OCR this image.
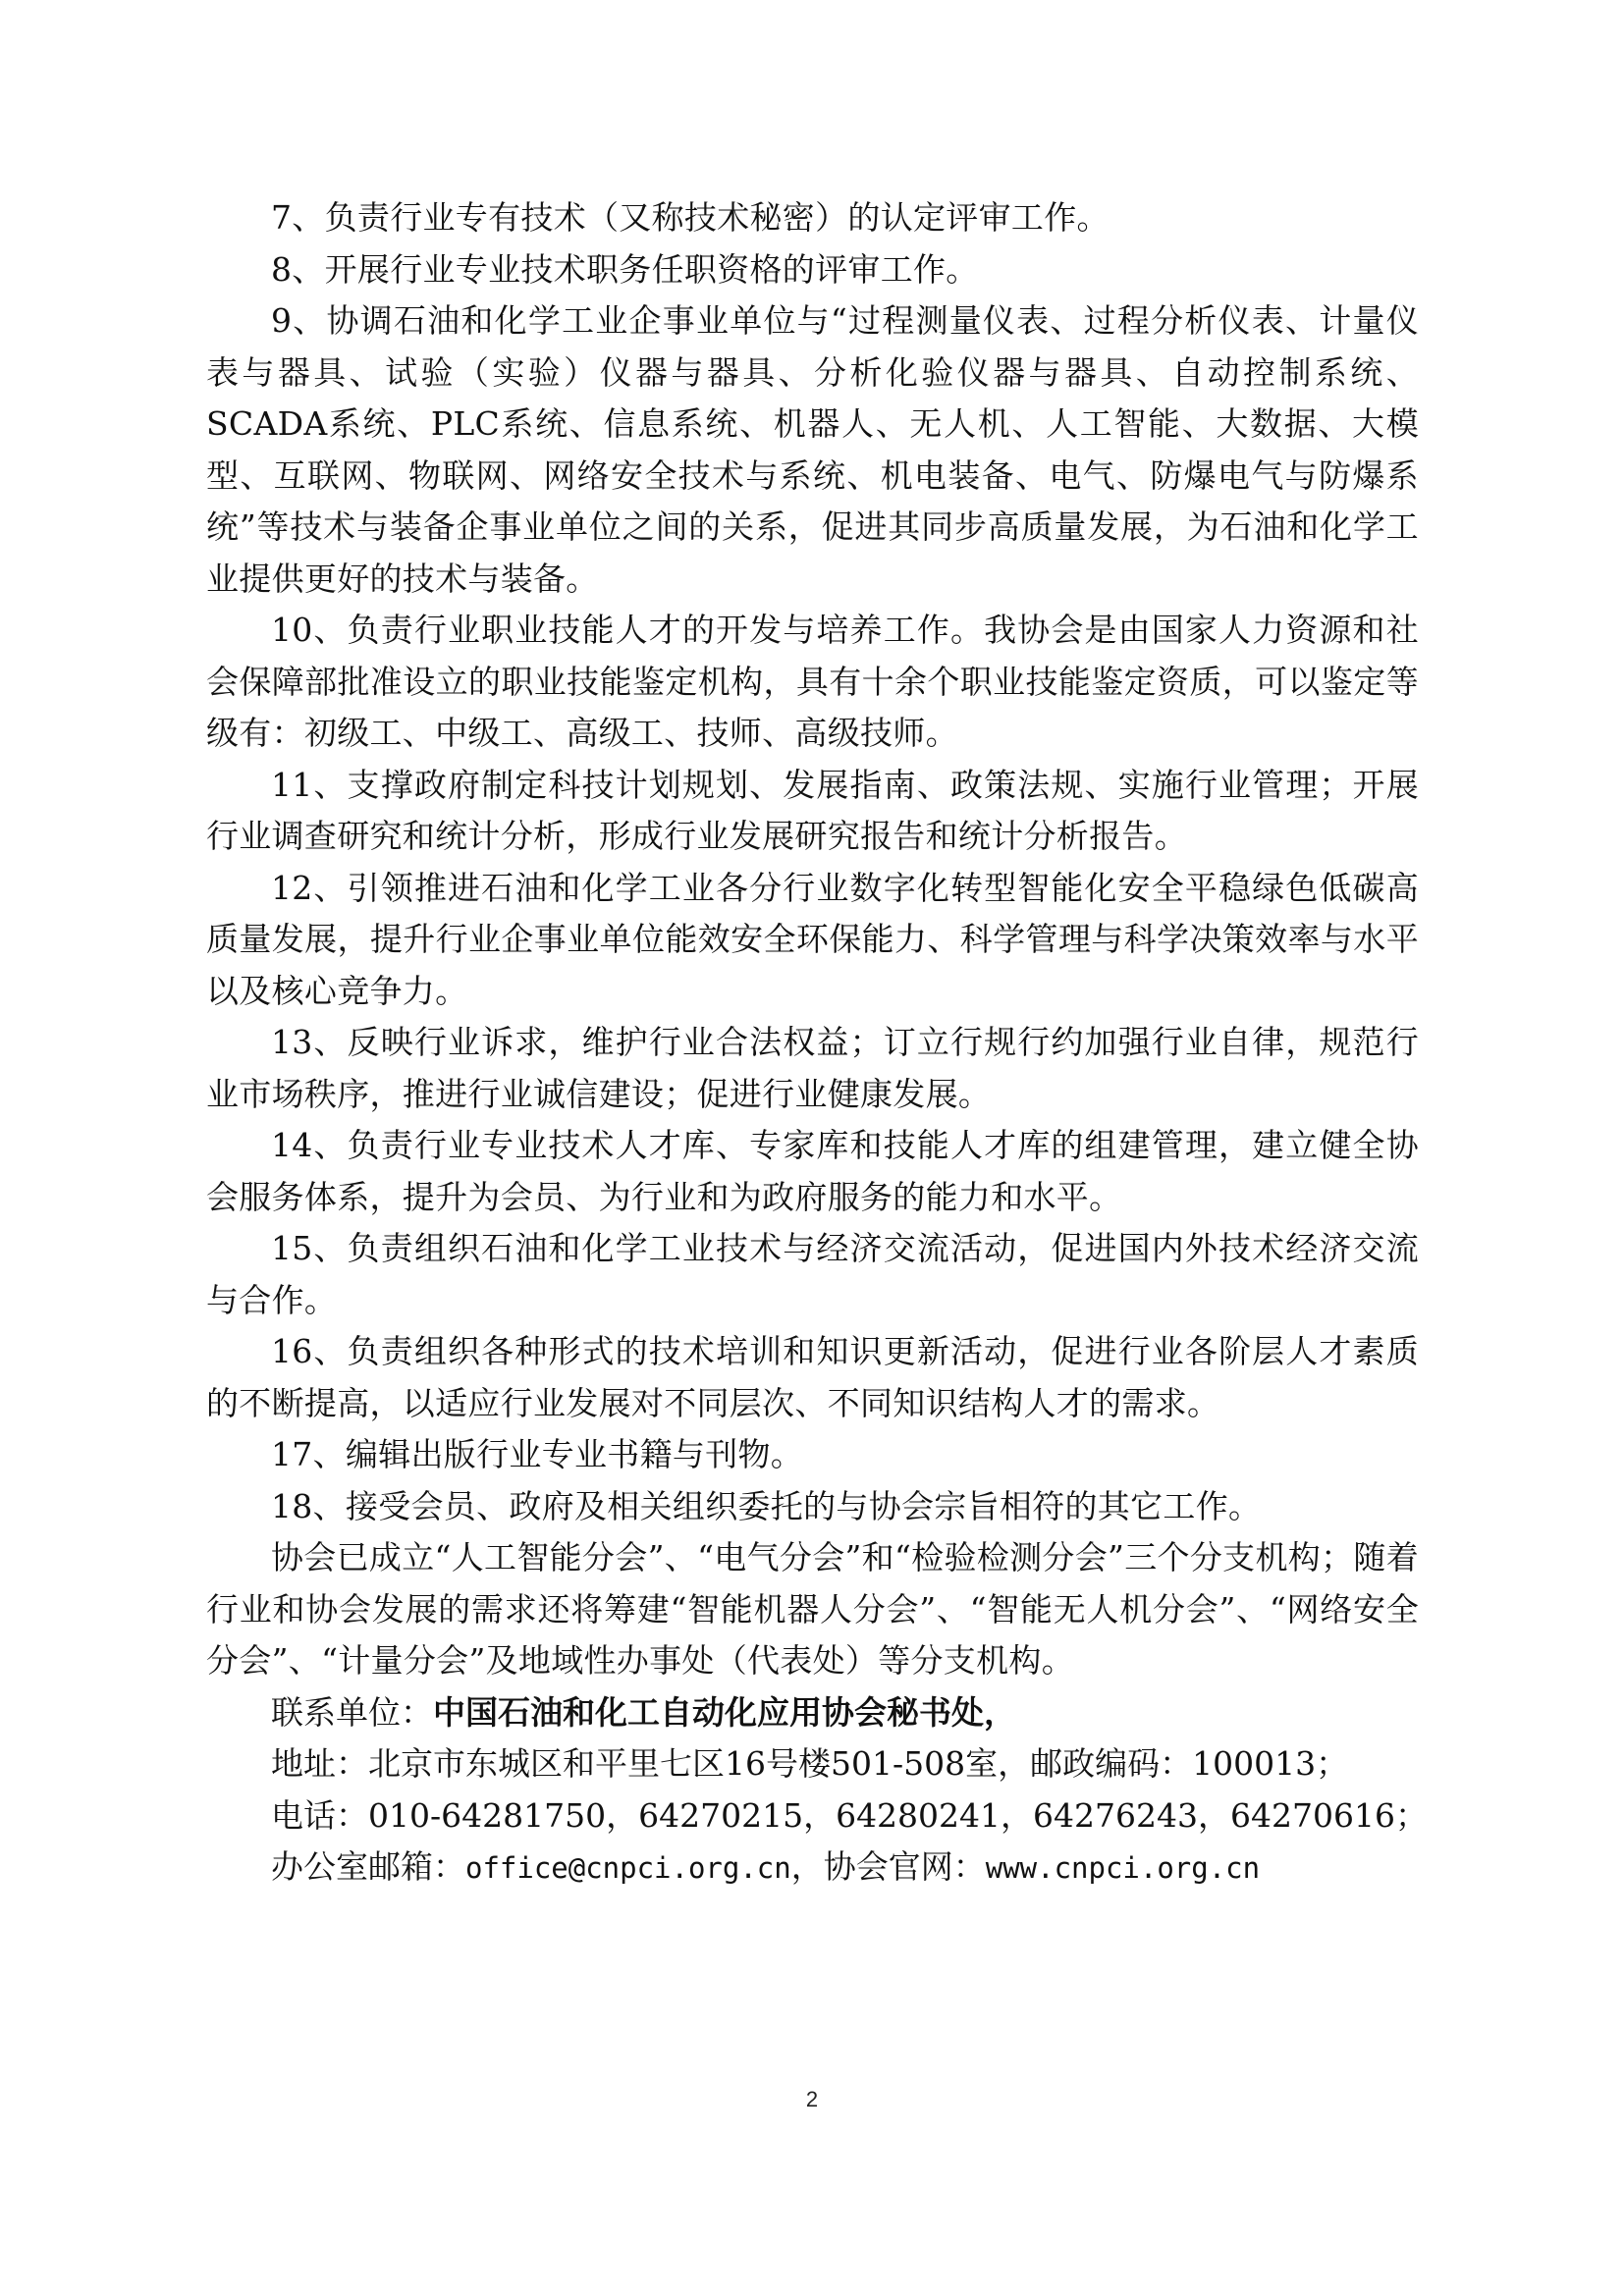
7、负责行业专有技术（又称技术秘密）的认定评审工作。

8、开展行业专业技术职务任职资格的评审工作。

9、协调石油和化学工业企事业单位与“过程测量仪表、过程分析仪表、计量仪表与器具、试验（实验）仪器与器具、分析化验仪器与器具、自动控制系统、SCADA系统、PLC系统、信息系统、机器人、无人机、人工智能、大数据、大模型、互联网、物联网、网络安全技术与系统、机电装备、电气、防爆电气与防爆系统”等技术与装备企事业单位之间的关系，促进其同步高质量发展，为石油和化学工业提供更好的技术与装备。

10、负责行业职业技能人才的开发与培养工作。我协会是由国家人力资源和社会保障部批准设立的职业技能鉴定机构，具有十余个职业技能鉴定资质，可以鉴定等级有：初级工、中级工、高级工、技师、高级技师。

11、支撑政府制定科技计划规划、发展指南、政策法规、实施行业管理；开展行业调查研究和统计分析，形成行业发展研究报告和统计分析报告。

12、引领推进石油和化学工业各分行业数字化转型智能化安全平稳绿色低碳高质量发展，提升行业企事业单位能效安全环保能力、科学管理与科学决策效率与水平以及核心竞争力。

13、反映行业诉求，维护行业合法权益；订立行规行约加强行业自律，规范行业市场秩序，推进行业诚信建设；促进行业健康发展。

14、负责行业专业技术人才库、专家库和技能人才库的组建管理，建立健全协会服务体系，提升为会员、为行业和为政府服务的能力和水平。

15、负责组织石油和化学工业技术与经济交流活动，促进国内外技术经济交流与合作。

16、负责组织各种形式的技术培训和知识更新活动，促进行业各阶层人才素质的不断提高，以适应行业发展对不同层次、不同知识结构人才的需求。

17、编辑出版行业专业书籍与刊物。

18、接受会员、政府及相关组织委托的与协会宗旨相符的其它工作。

协会已成立“人工智能分会”、“电气分会”和“检验检测分会”三个分支机构；随着行业和协会发展的需求还将筹建“智能机器人分会”、“智能无人机分会”、“网络安全分会”、“计量分会”及地域性办事处（代表处）等分支机构。

联系单位：中国石油和化工自动化应用协会秘书处，

地址：北京市东城区和平里七区16号楼501-508室，邮政编码：100013；

电话：010-64281750，64270215，64280241，64276243，64270616；

办公室邮箱：office@cnpci.org.cn，协会官网：www.cnpci.org.cn

2
